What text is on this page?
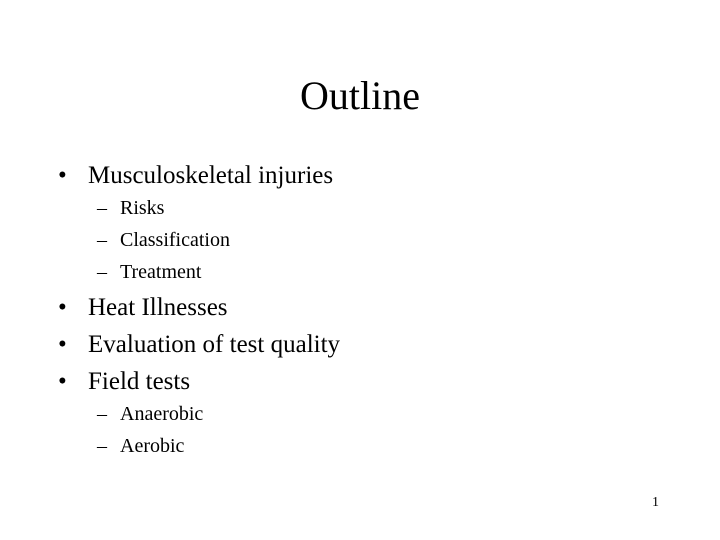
Outline
• Musculoskeletal injuries
– Risks
– Classification
– Treatment
• Heat Illnesses
• Evaluation of test quality
• Field tests
– Anaerobic
– Aerobic
1
